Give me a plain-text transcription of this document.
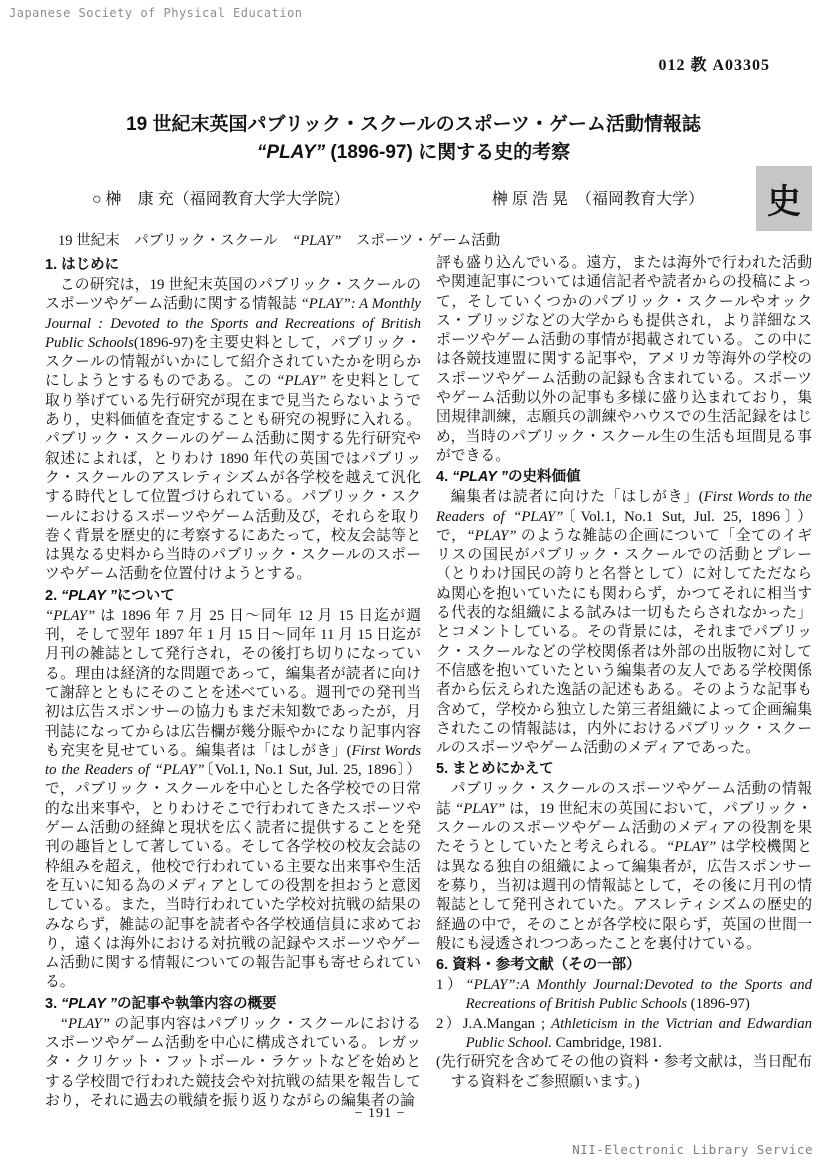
Japanese Society of Physical Education
012 教 A03305
19 世紀末英国パブリック・スクールのスポーツ・ゲーム活動情報誌
“PLAY” (1896-97) に関する史的考察
○ 榊　康 充（福岡教育大学大学院）	榊 原 浩 晃　（福岡教育大学）	史
19 世紀末　パブリック・スクール　“PLAY”　スポーツ・ゲーム活動
1. はじめに

この研究は，19 世紀末英国のパブリック・スクールのスポーツやゲーム活動に関する情報誌 “PLAY”: A Monthly Journal : Devoted to the Sports and Recreations of British Public Schools(1896-97)を主要史料として，パブリック・スクールの情報がいかにして紹介されていたかを明らかにしようとするものである。この “PLAY” を史料として取り挙げている先行研究が現在まで見当たらないようであり，史料価値を査定することも研究の視野に入れる。パブリック・スクールのゲーム活動に関する先行研究や叙述によれば，とりわけ 1890 年代の英国ではパブリック・スクールのアスレティシズムが各学校を越えて汎化する時代として位置づけられている。パブリック・スクールにおけるスポーツやゲーム活動及び，それらを取り巻く背景を歴史的に考察するにあたって，校友会誌等とは異なる史料から当時のパブリック・スクールのスポーツやゲーム活動を位置付けようとする。

2. “PLAY ”について

“PLAY” は 1896 年 7 月 25 日～同年 12 月 15 日迄が週刊，そして翌年 1897 年 1 月 15 日～同年 11 月 15 日迄が月刊の雑誌として発行され，その後打ち切りになっている。理由は経済的な問題であって，編集者が読者に向けて謝辞とともにそのことを述べている。週刊での発刊当初は広告スポンサーの協力もまだ未知数であったが，月刊誌になってからは広告欄が幾分賑やかになり記事内容も充実を見せている。編集者は「はしがき」(First Words to the Readers of “PLAY”〔Vol.1, No.1 Sut, Jul. 25, 1896〕）で，パブリック・スクールを中心とした各学校での日常的な出来事や，とりわけそこで行われてきたスポーツやゲーム活動の経緯と現状を広く読者に提供することを発刊の趣旨として著している。そして各学校の校友会誌の枠組みを超え，他校で行われている主要な出来事や生活を互いに知る為のメディアとしての役割を担おうと意図している。また，当時行われていた学校対抗戦の結果のみならず，雑誌の記事を読者や各学校通信員に求めており，遠くは海外における対抗戦の記録やスポーツやゲーム活動に関する情報についての報告記事も寄せられている。

3. “PLAY ”の記事や執筆内容の概要

“PLAY” の記事内容はパブリック・スクールにおけるスポーツやゲーム活動を中心に構成されている。レガッタ・クリケット・フットボール・ラケットなどを始めとする学校間で行われた競技会や対抗戦の結果を報告しており，それに過去の戦績を振り返りながらの編集者の論

評も盛り込んでいる。遠方，または海外で行われた活動や関連記事については通信記者や読者からの投稿によって，そしていくつかのパブリック・スクールやオックス・ブリッジなどの大学からも提供され，より詳細なスポーツやゲーム活動の事情が掲載されている。この中には各競技連盟に関する記事や，アメリカ等海外の学校のスポーツやゲーム活動の記録も含まれている。スポーツやゲーム活動以外の記事も多様に盛り込まれており，集団規律訓練，志願兵の訓練やハウスでの生活記録をはじめ，当時のパブリック・スクール生の生活も垣間見る事ができる。

4. “PLAY ”の史料価値

編集者は読者に向けた「はしがき」(First Words to the Readers of “PLAY”〔Vol.1, No.1 Sut, Jul. 25, 1896〕）で，“PLAY” のような雑誌の企画について「全てのイギリスの国民がパブリック・スクールでの活動とプレー（とりわけ国民の誇りと名誉として）に対してただならぬ関心を抱いていたにも関わらず，かつてそれに相当する代表的な組織による試みは一切もたらされなかった」とコメントしている。その背景には，それまでパブリック・スクールなどの学校関係者は外部の出版物に対して不信感を抱いていたという編集者の友人である学校関係者から伝えられた逸話の記述もある。そのような記事も含めて，学校から独立した第三者組織によって企画編集されたこの情報誌は，内外におけるパブリック・スクールのスポーツやゲーム活動のメディアであった。

5. まとめにかえて

パブリック・スクールのスポーツやゲーム活動の情報誌 “PLAY” は，19 世紀末の英国において，パブリック・スクールのスポーツやゲーム活動のメディアの役割を果たそうとしていたと考えられる。“PLAY” は学校機関とは異なる独自の組織によって編集者が，広告スポンサーを募り，当初は週刊の情報誌として，その後に月刊の情報誌として発刊されていた。アスレティシズムの歴史的経過の中で，そのことが各学校に限らず，英国の世間一般にも浸透されつつあったことを裏付けている。

6. 資料・参考文献（その一部）

1）“PLAY”:A Monthly Journal:Devoted to the Sports and Recreations of British Public Schools (1896-97)

2）J.A.Mangan ; Athleticism in the Victrian and Edwardian Public School. Cambridge, 1981.

(先行研究を含めてその他の資料・参考文献は，当日配布する資料をご参照願います。)

− 191 −
NII-Electronic Library Service
